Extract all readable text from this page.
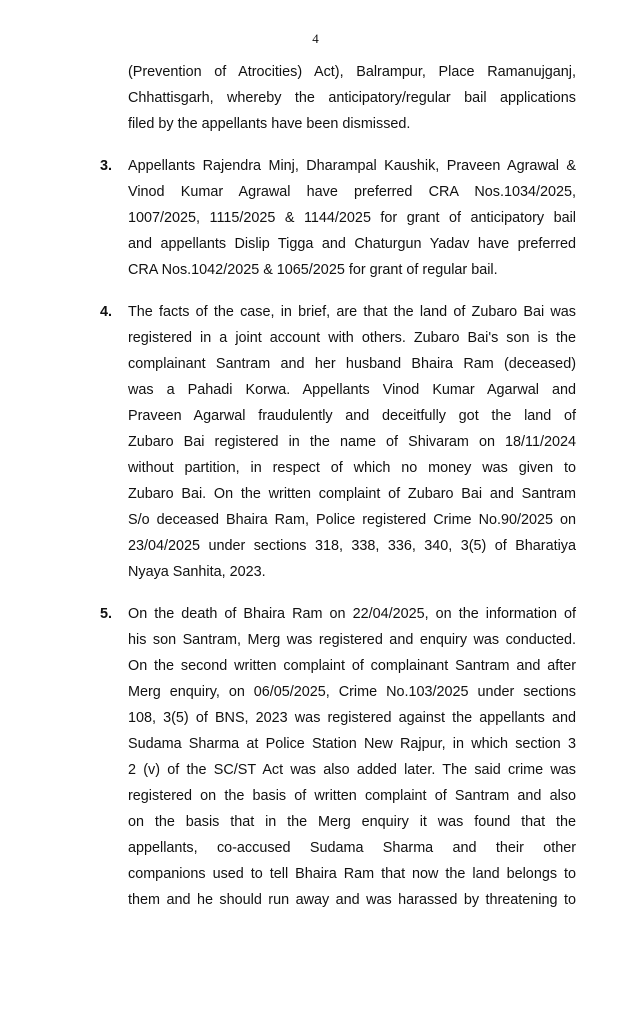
4
(Prevention of Atrocities) Act), Balrampur, Place Ramanujganj,
Chhattisgarh, whereby the anticipatory/regular bail applications
filed by the appellants have been dismissed.
3. Appellants Rajendra Minj, Dharampal Kaushik, Praveen Agrawal &
Vinod Kumar Agrawal have preferred CRA Nos.1034/2025,
1007/2025, 1115/2025 & 1144/2025 for grant of anticipatory bail
and appellants Dislip Tigga and Chaturgun Yadav have preferred
CRA Nos.1042/2025 & 1065/2025 for grant of regular bail.
4. The facts of the case, in brief, are that the land of Zubaro Bai was
registered in a joint account with others. Zubaro Bai's son is the
complainant Santram and her husband Bhaira Ram (deceased)
was a Pahadi Korwa. Appellants Vinod Kumar Agarwal and
Praveen Agarwal fraudulently and deceitfully got the land of
Zubaro Bai registered in the name of Shivaram on 18/11/2024
without partition, in respect of which no money was given to
Zubaro Bai. On the written complaint of Zubaro Bai and Santram
S/o deceased Bhaira Ram, Police registered Crime No.90/2025 on
23/04/2025 under sections 318, 338, 336, 340, 3(5) of Bharatiya
Nyaya Sanhita, 2023.
5. On the death of Bhaira Ram on 22/04/2025, on the information of
his son Santram, Merg was registered and enquiry was conducted.
On the second written complaint of complainant Santram and after
Merg enquiry, on 06/05/2025, Crime No.103/2025 under sections
108, 3(5) of BNS, 2023 was registered against the appellants and
Sudama Sharma at Police Station New Rajpur, in which section 3
2 (v) of the SC/ST Act was also added later. The said crime was
registered on the basis of written complaint of Santram and also
on the basis that in the Merg enquiry it was found that the
appellants, co-accused Sudama Sharma and their other
companions used to tell Bhaira Ram that now the land belongs to
them and he should run away and was harassed by threatening to
